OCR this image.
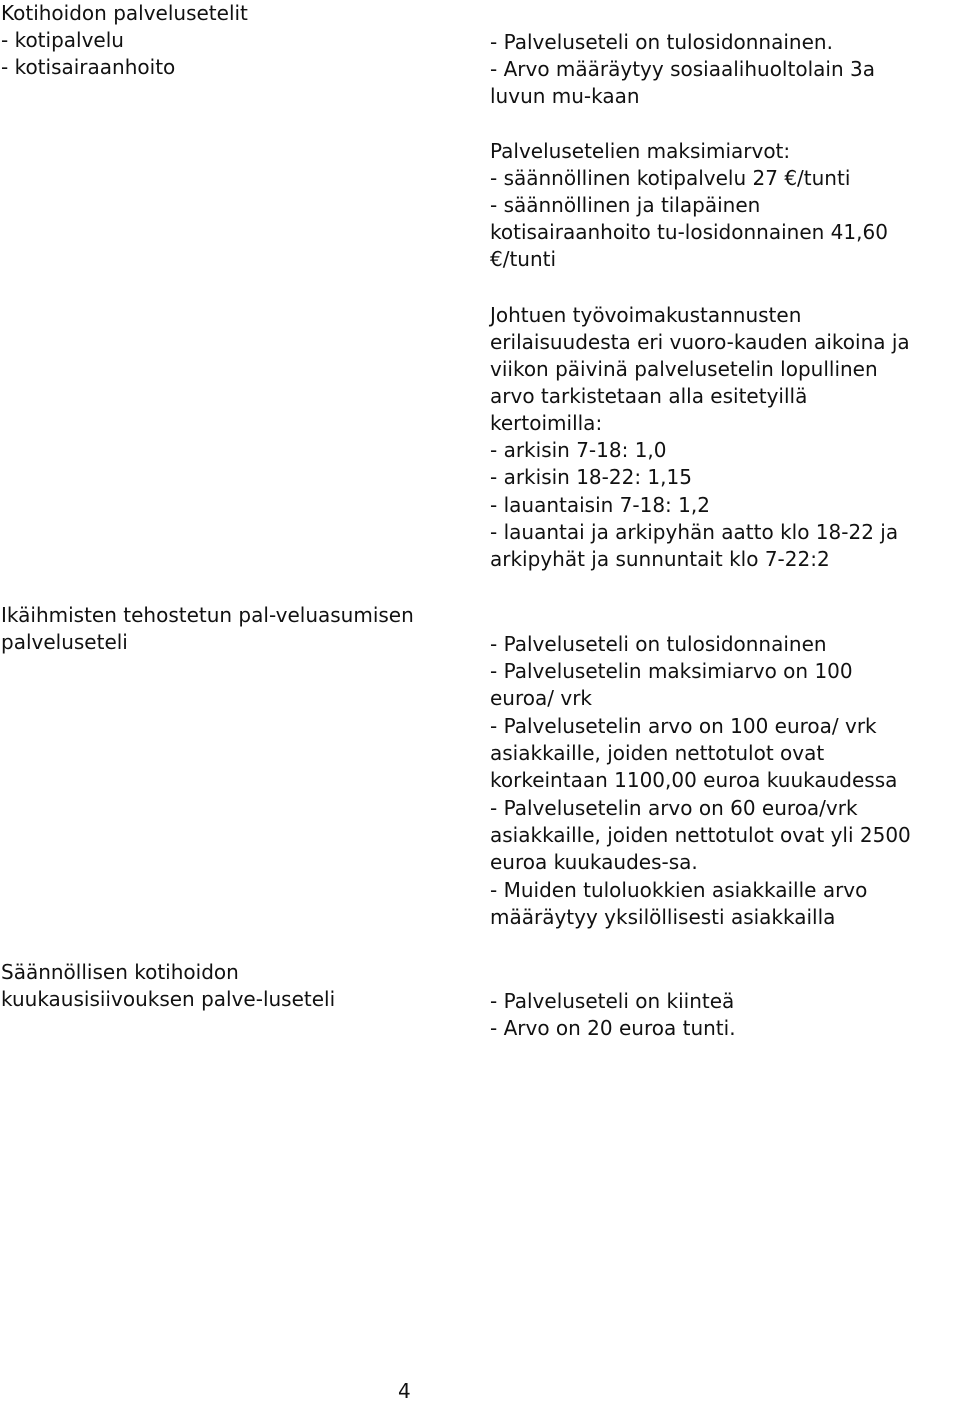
Kotihoidon palvelusetelit

- kotipalvelu

- kotisairaanhoito

- Palveluseteli on tulosidonnainen.

- Arvo määräytyy sosiaalihuoltolain 3a

luvun mu-kaan

Palvelusetelien maksimiarvot:

- säännöllinen kotipalvelu 27 €/tunti

- säännöllinen ja tilapäinen

kotisairaanhoito tu-losidonnainen 41,60

€/tunti

Johtuen työvoimakustannusten

erilaisuudesta eri vuoro-kauden aikoina ja

viikon päivinä palvelusetelin lopullinen

arvo tarkistetaan alla esitetyillä

kertoimilla:

- arkisin 7-18: 1,0

- arkisin 18-22: 1,15

- lauantaisin 7-18: 1,2

- lauantai ja arkipyhän aatto klo 18-22 ja

arkipyhät ja sunnuntait klo 7-22:2

Ikäihmisten tehostetun pal-veluasumisen

palveluseteli	- Palveluseteli on tulosidonnainen

- Palvelusetelin maksimiarvo on 100

euroa/ vrk

- Palvelusetelin arvo on 100 euroa/ vrk

asiakkaille, joiden nettotulot ovat

korkeintaan 1100,00 euroa kuukaudessa

- Palvelusetelin arvo on 60 euroa/vrk

asiakkaille, joiden nettotulot ovat yli 2500

euroa kuukaudes-sa.

- Muiden tuloluokkien asiakkaille arvo

määräytyy yksilöllisesti asiakkailla

Säännöllisen kotihoidon

kuukausisiivouksen palve-luseteli	- Palveluseteli on kiinteä

- Arvo on 20 euroa tunti.

4
